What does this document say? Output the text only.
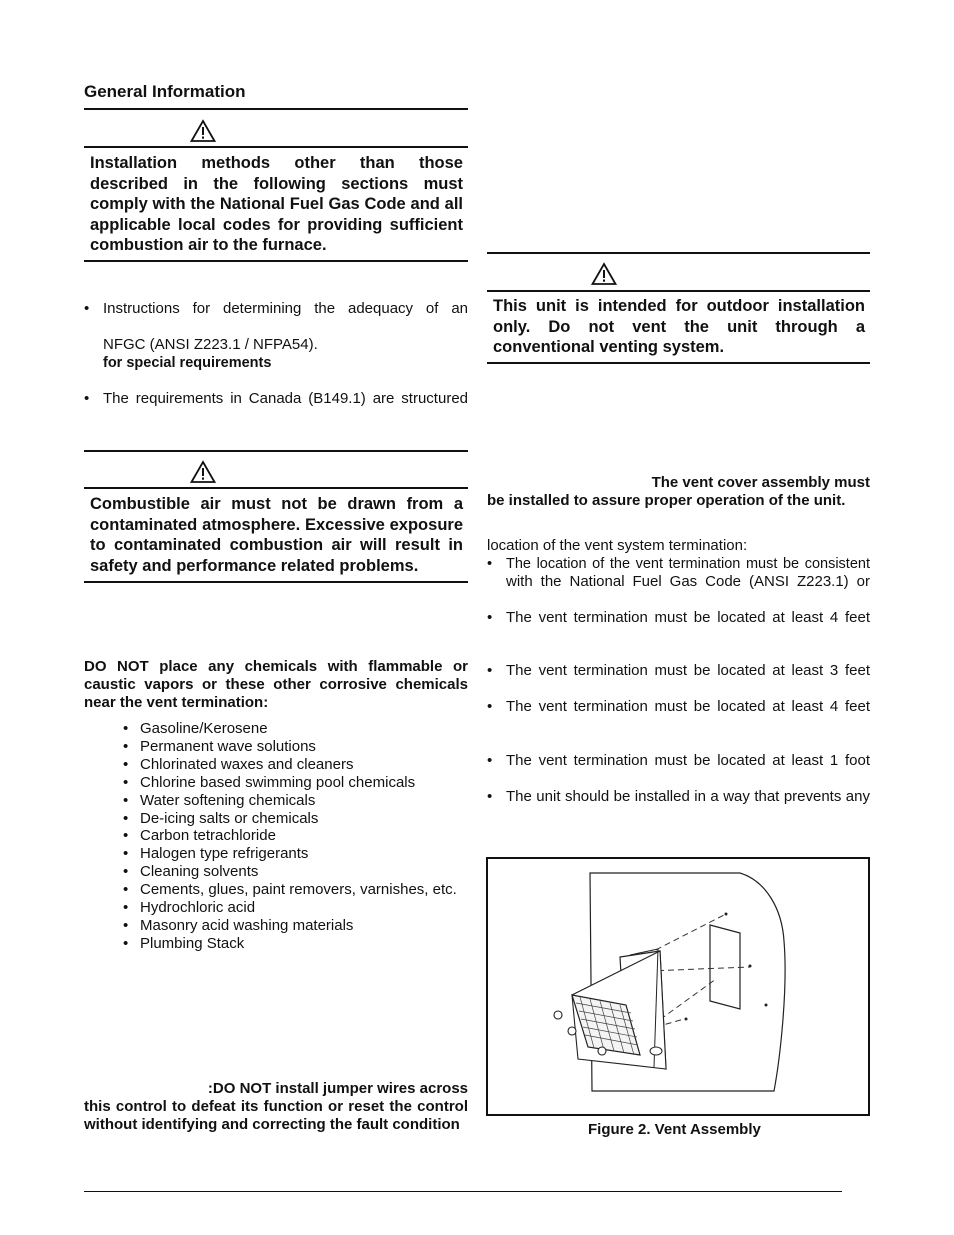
General Information
Installation methods other than those described in the following sections must comply with the National Fuel Gas Code and all applicable local codes for providing sufficient combustion air to the furnace.
• Instructions for determining the adequacy of an
NFGC (ANSI Z223.1 / NFPA54).
for special requirements
• The requirements in Canada (B149.1) are structured
Combustible air must not be drawn from a contaminated atmosphere. Excessive exposure to contaminated combustion air will result in safety and performance related problems.
DO NOT place any chemicals with flammable or caustic vapors or these other corrosive chemicals near the vent termination:
• Gasoline/Kerosene
• Permanent wave solutions
• Chlorinated waxes and cleaners
• Chlorine based swimming pool chemicals
• Water softening chemicals
• De-icing salts or chemicals
• Carbon tetrachloride
• Halogen type refrigerants
• Cleaning solvents
• Cements, glues, paint removers, varnishes, etc.
• Hydrochloric acid
• Masonry acid washing materials
• Plumbing Stack
:DO NOT install jumper wires across
this control to defeat its function or reset the control
without identifying and correcting the fault condition
This unit is intended for outdoor installation only. Do not vent the unit through a conventional venting system.
The vent cover assembly must
be installed to assure proper operation of the unit.
location of the vent system termination:
• The location of the vent termination must be consistent
with the National Fuel Gas Code (ANSI Z223.1) or
• The vent termination must be located at least 4 feet
• The vent termination must be located at least 3 feet
• The vent termination must be located at least 4 feet
• The vent termination must be located at least 1 foot
• The unit should be installed in a way that prevents any
Figure 2. Vent Assembly
